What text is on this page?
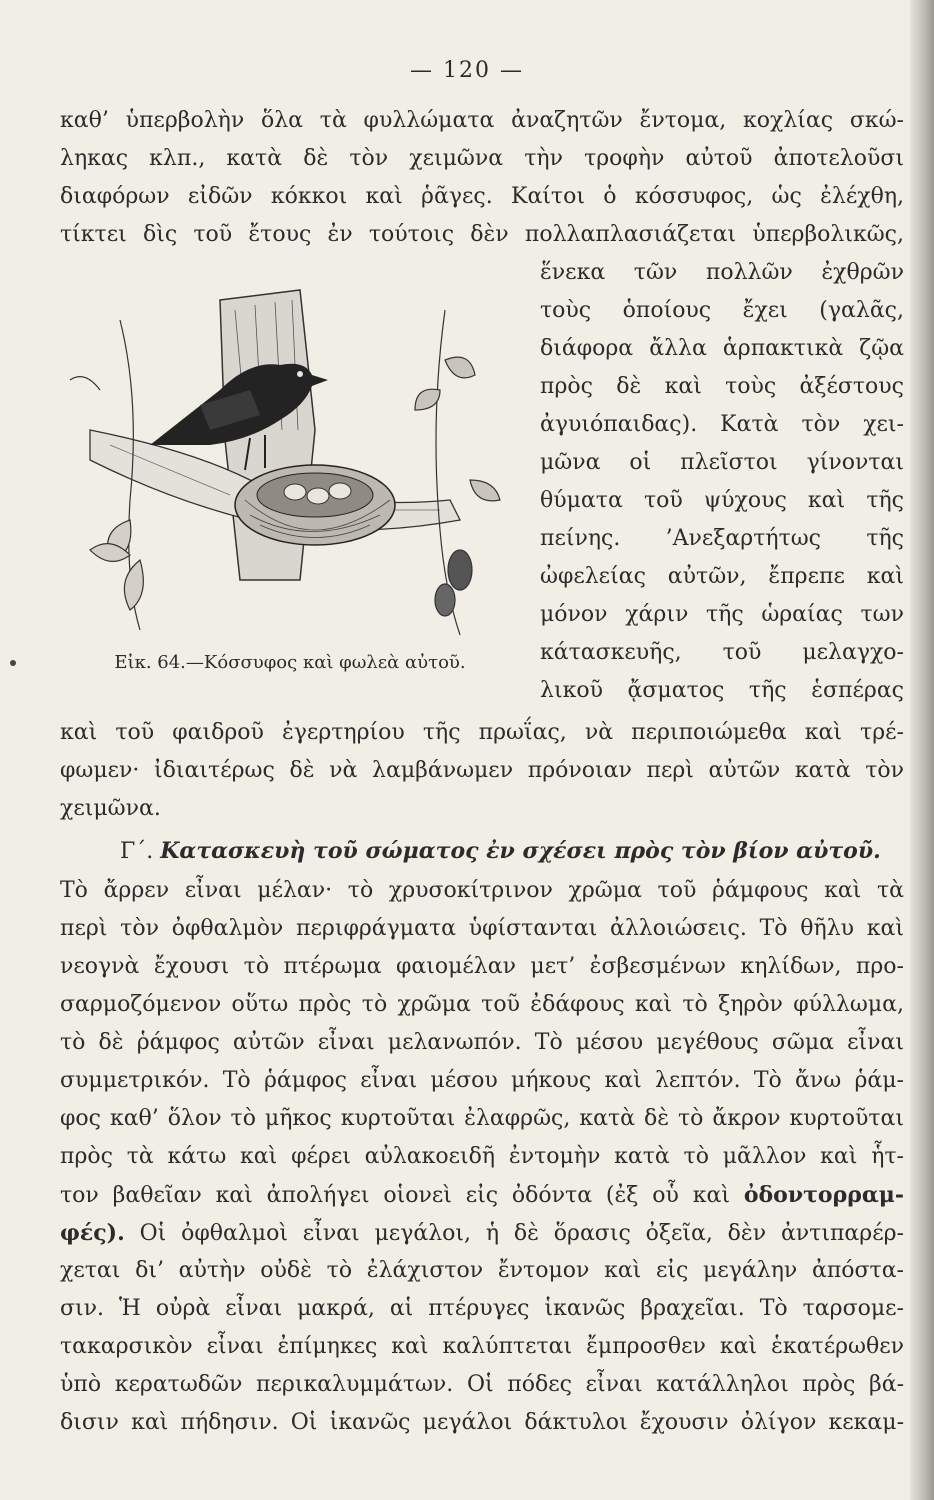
— 120 —
καθ’ ὑπερβολὴν ὅλα τὰ φυλλώματα ἀναζητῶν ἔντομα, κοχλίας σκώ-
ληκας κλπ., κατὰ δὲ τὸν χειμῶνα τὴν τροφὴν αὐτοῦ ἀποτελοῦσι
διαφόρων εἰδῶν κόκκοι καὶ ῥᾶγες. Καίτοι ὁ κόσσυφος, ὡς ἐλέχθη,
τίκτει δὶς τοῦ ἔτους ἐν τούτοις δὲν πολλαπλασιάζεται ὑπερβολικῶς,
ἕνεκα τῶν πολλῶν ἐχθρῶν
τοὺς ὁποίους ἔχει (γαλᾶς,
διάφορα ἄλλα ἁρπακτικὰ ζῷα
πρὸς δὲ καὶ τοὺς ἀξέστους
ἀγυιόπαιδας). Κατὰ τὸν χει-
μῶνα οἱ πλεῖστοι γίνονται
θύματα τοῦ ψύχους καὶ τῆς
πείνης. ’Ανεξαρτήτως τῆς
ὠφελείας αὐτῶν, ἔπρεπε καὶ
μόνον χάριν τῆς ὡραίας των
κάτασκευῆς, τοῦ μελαγχο-
λικοῦ ᾄσματος τῆς ἑσπέρας
Εἰκ. 64.—Κόσσυφος καὶ φωλεὰ αὐτοῦ.
καὶ τοῦ φαιδροῦ ἐγερτηρίου τῆς πρωΐας, νὰ περιποιώμεθα καὶ τρέ-
φωμεν· ἰδιαιτέρως δὲ νὰ λαμβάνωμεν πρόνοιαν περὶ αὐτῶν κατὰ τὸν
χειμῶνα.
Γ΄. Κατασκευὴ τοῦ σώματος ἐν σχέσει πρὸς τὸν βίον αὐτοῦ.
Τὸ ἄρρεν εἶναι μέλαν· τὸ χρυσοκίτρινον χρῶμα τοῦ ῥάμφους καὶ τὰ
περὶ τὸν ὀφθαλμὸν περιφράγματα ὑφίστανται ἀλλοιώσεις. Τὸ θῆλυ καὶ
νεογνὰ ἔχουσι τὸ πτέρωμα φαιομέλαν μετ’ ἐσβεσμένων κηλίδων, προ-
σαρμοζόμενον οὕτω πρὸς τὸ χρῶμα τοῦ ἐδάφους καὶ τὸ ξηρὸν φύλλωμα,
τὸ δὲ ῥάμφος αὐτῶν εἶναι μελανωπόν. Τὸ μέσου μεγέθους σῶμα εἶναι
συμμετρικόν. Τὸ ῥάμφος εἶναι μέσου μήκους καὶ λεπτόν. Τὸ ἄνω ῥάμ-
φος καθ’ ὅλον τὸ μῆκος κυρτοῦται ἐλαφρῶς, κατὰ δὲ τὸ ἄκρον κυρτοῦται
πρὸς τὰ κάτω καὶ φέρει αὐλακοειδῆ ἐντομὴν κατὰ τὸ μᾶλλον καὶ ἧτ-
τον βαθεῖαν καὶ ἀπολήγει οἱονεὶ εἰς ὀδόντα (ἐξ οὗ καὶ ὀδοντορραμ-
φές). Οἱ ὀφθαλμοὶ εἶναι μεγάλοι, ἡ δὲ ὅρασις ὀξεῖα, δὲν ἀντιπαρέρ-
χεται δι’ αὐτὴν οὐδὲ τὸ ἐλάχιστον ἔντομον καὶ εἰς μεγάλην ἀπόστα-
σιν. Ἡ οὐρὰ εἶναι μακρά, αἱ πτέρυγες ἱκανῶς βραχεῖαι. Τὸ ταρσομε-
τακαρσικὸν εἶναι ἐπίμηκες καὶ καλύπτεται ἔμπροσθεν καὶ ἑκατέρωθεν
ὑπὸ κερατωδῶν περικαλυμμάτων. Οἱ πόδες εἶναι κατάλληλοι πρὸς βά-
δισιν καὶ πήδησιν. Οἱ ἱκανῶς μεγάλοι δάκτυλοι ἔχουσιν ὀλίγον κεκαμ-
